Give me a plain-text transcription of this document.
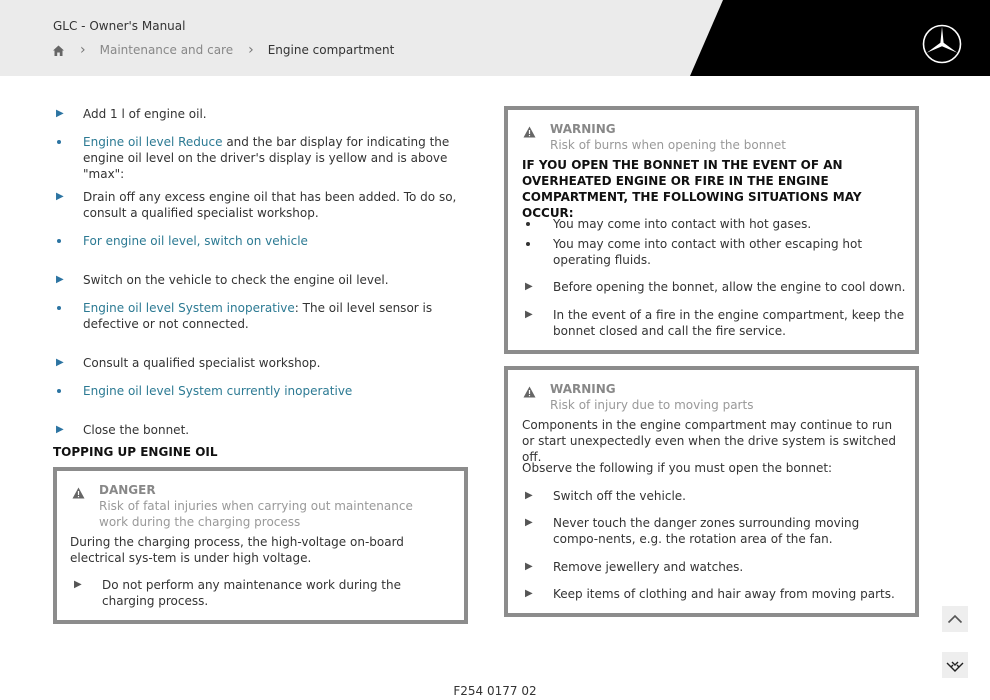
GLC - Owner's Manual
› Maintenance and care › Engine compartment
▶ Add 1 l of engine oil.
Engine oil level Reduce and the bar display for indicating the engine oil level on the driver's display is yellow and is above "max":
▶ Drain off any excess engine oil that has been added. To do so, consult a qualified specialist workshop.
For engine oil level, switch on vehicle
▶ Switch on the vehicle to check the engine oil level.
Engine oil level System inoperative: The oil level sensor is defective or not connected.
▶ Consult a qualified specialist workshop.
Engine oil level System currently inoperative
▶ Close the bonnet.
TOPPING UP ENGINE OIL
DANGER
Risk of fatal injuries when carrying out maintenance work during the charging process
During the charging process, the high-voltage on-board electrical sys-tem is under high voltage.
▶ Do not perform any maintenance work during the charging process.
WARNING
Risk of burns when opening the bonnet
IF YOU OPEN THE BONNET IN THE EVENT OF AN OVERHEATED ENGINE OR FIRE IN THE ENGINE COMPARTMENT, THE FOLLOWING SITUATIONS MAY OCCUR:
You may come into contact with hot gases.
You may come into contact with other escaping hot operating fluids.
▶ Before opening the bonnet, allow the engine to cool down.
▶ In the event of a fire in the engine compartment, keep the bonnet closed and call the fire service.
WARNING
Risk of injury due to moving parts
Components in the engine compartment may continue to run or start unexpectedly even when the drive system is switched off.
Observe the following if you must open the bonnet:
▶ Switch off the vehicle.
▶ Never touch the danger zones surrounding moving compo-nents, e.g. the rotation area of the fan.
▶ Remove jewellery and watches.
▶ Keep items of clothing and hair away from moving parts.
F254 0177 02
